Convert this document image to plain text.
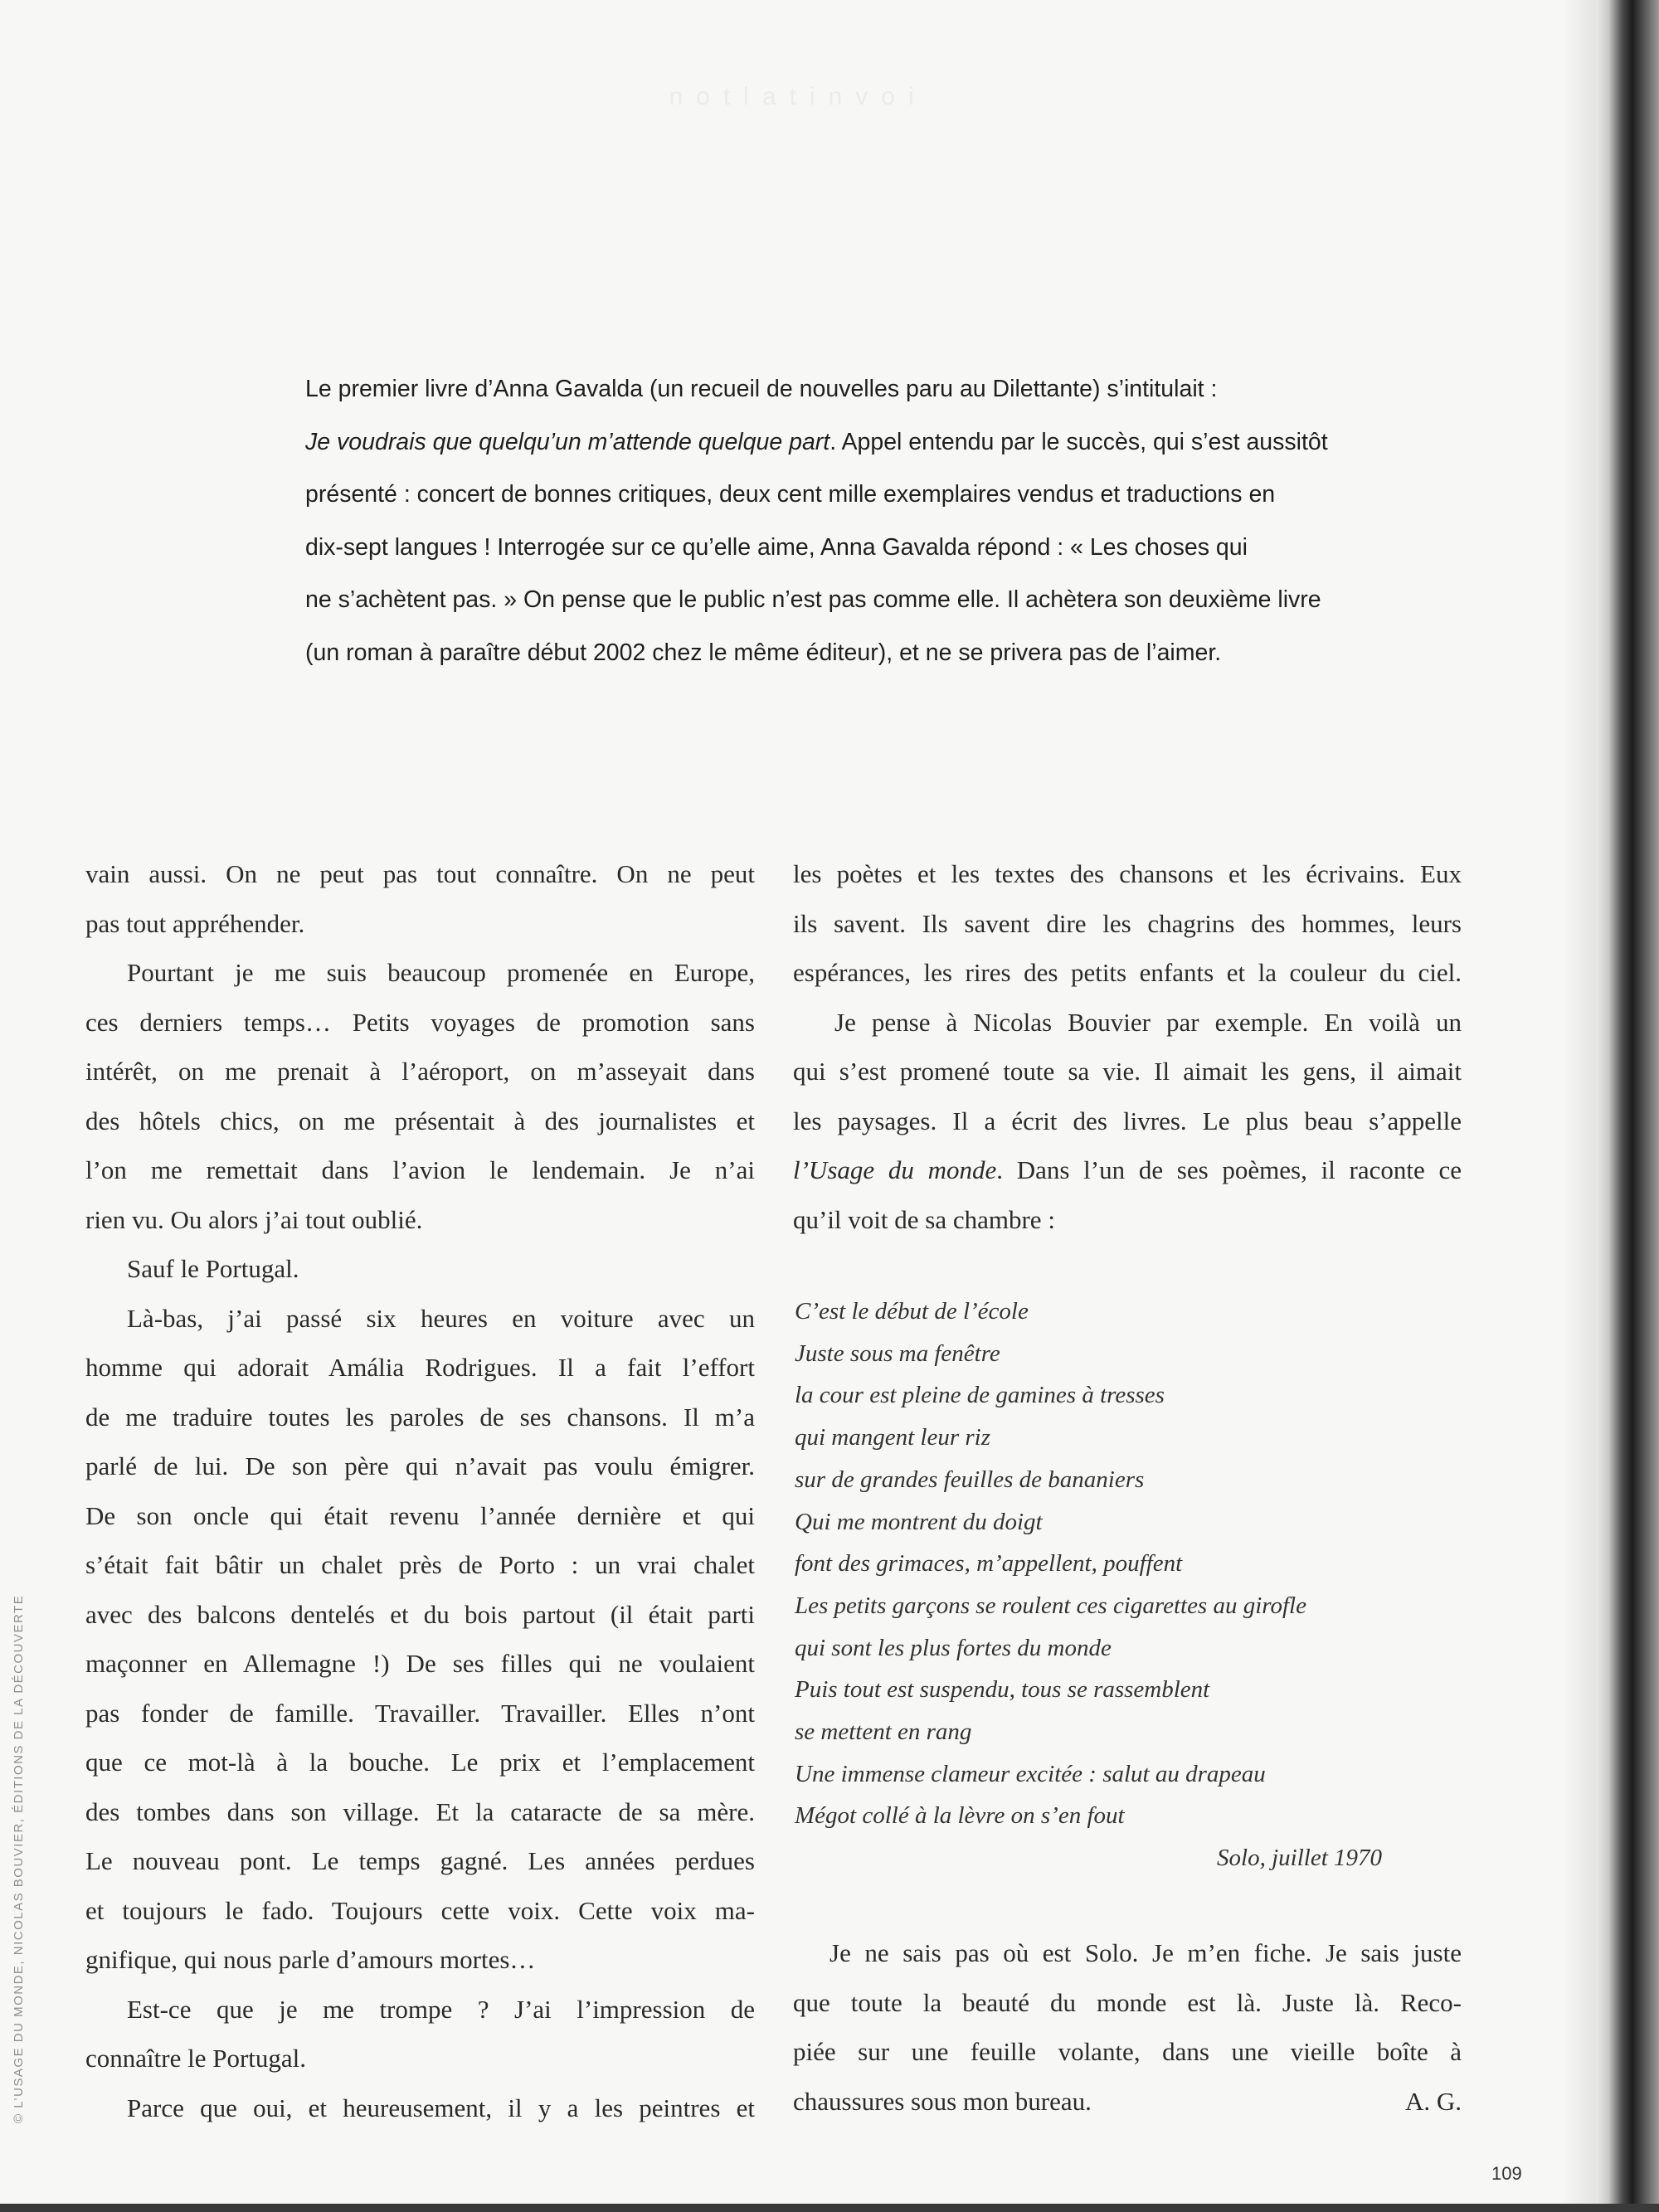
notlatinvoi
Le premier livre d’Anna Gavalda (un recueil de nouvelles paru au Dilettante) s’intitulait :
Je voudrais que quelqu’un m’attende quelque part. Appel entendu par le succès, qui s’est aussitôt
présenté : concert de bonnes critiques, deux cent mille exemplaires vendus et traductions en
dix-sept langues ! Interrogée sur ce qu’elle aime, Anna Gavalda répond : « Les choses qui
ne s’achètent pas. » On pense que le public n’est pas comme elle. Il achètera son deuxième livre
(un roman à paraître début 2002 chez le même éditeur), et ne se privera pas de l’aimer.
vain aussi. On ne peut pas tout connaître. On ne peut
pas tout appréhender.
Pourtant je me suis beaucoup promenée en Europe,
ces derniers temps… Petits voyages de promotion sans
intérêt, on me prenait à l’aéroport, on m’asseyait dans
des hôtels chics, on me présentait à des journalistes et
l’on me remettait dans l’avion le lendemain. Je n’ai
rien vu. Ou alors j’ai tout oublié.
Sauf le Portugal.
Là-bas, j’ai passé six heures en voiture avec un
homme qui adorait Amália Rodrigues. Il a fait l’effort
de me traduire toutes les paroles de ses chansons. Il m’a
parlé de lui. De son père qui n’avait pas voulu émigrer.
De son oncle qui était revenu l’année dernière et qui
s’était fait bâtir un chalet près de Porto : un vrai chalet
avec des balcons dentelés et du bois partout (il était parti
maçonner en Allemagne !) De ses filles qui ne voulaient
pas fonder de famille. Travailler. Travailler. Elles n’ont
que ce mot-là à la bouche. Le prix et l’emplacement
des tombes dans son village. Et la cataracte de sa mère.
Le nouveau pont. Le temps gagné. Les années perdues
et toujours le fado. Toujours cette voix. Cette voix ma-
gnifique, qui nous parle d’amours mortes…
Est-ce que je me trompe ? J’ai l’impression de
connaître le Portugal.
Parce que oui, et heureusement, il y a les peintres et
les poètes et les textes des chansons et les écrivains. Eux
ils savent. Ils savent dire les chagrins des hommes, leurs
espérances, les rires des petits enfants et la couleur du ciel.
Je pense à Nicolas Bouvier par exemple. En voilà un
qui s’est promené toute sa vie. Il aimait les gens, il aimait
les paysages. Il a écrit des livres. Le plus beau s’appelle
l’Usage du monde. Dans l’un de ses poèmes, il raconte ce
qu’il voit de sa chambre :
C’est le début de l’école
Juste sous ma fenêtre
la cour est pleine de gamines à tresses
qui mangent leur riz
sur de grandes feuilles de bananiers
Qui me montrent du doigt
font des grimaces, m’appellent, pouffent
Les petits garçons se roulent ces cigarettes au girofle
qui sont les plus fortes du monde
Puis tout est suspendu, tous se rassemblent
se mettent en rang
Une immense clameur excitée : salut au drapeau
Mégot collé à la lèvre on s’en fout
Solo, juillet 1970
Je ne sais pas où est Solo. Je m’en fiche. Je sais juste
que toute la beauté du monde est là. Juste là. Reco-
piée sur une feuille volante, dans une vieille boîte à
chaussures sous mon bureau.	A. G.
109
© L’USAGE DU MONDE, NICOLAS BOUVIER, ÉDITIONS DE LA DÉCOUVERTE
